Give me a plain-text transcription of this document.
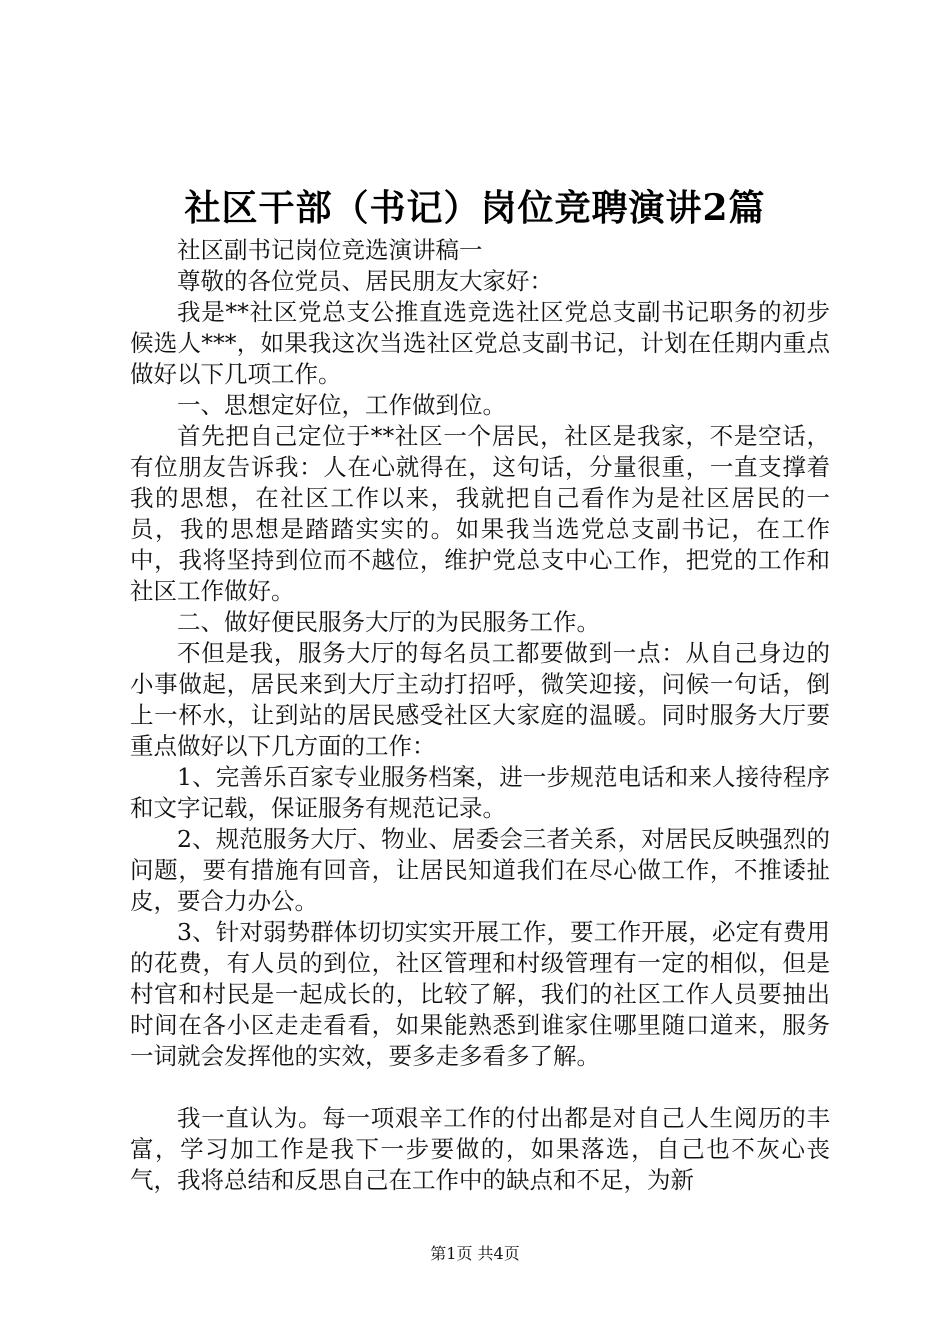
社区干部（书记）岗位竞聘演讲2篇

社区副书记岗位竞选演讲稿一

尊敬的各位党员、居民朋友大家好：

我是**社区党总支公推直选竞选社区党总支副书记职务的初步候选人***，如果我这次当选社区党总支副书记，计划在任期内重点做好以下几项工作。

一、思想定好位，工作做到位。

首先把自己定位于**社区一个居民，社区是我家，不是空话，有位朋友告诉我：人在心就得在，这句话，分量很重，一直支撑着我的思想，在社区工作以来，我就把自己看作为是社区居民的一员，我的思想是踏踏实实的。如果我当选党总支副书记，在工作中，我将坚持到位而不越位，维护党总支中心工作，把党的工作和社区工作做好。

二、做好便民服务大厅的为民服务工作。

不但是我，服务大厅的每名员工都要做到一点：从自己身边的小事做起，居民来到大厅主动打招呼，微笑迎接，问候一句话，倒上一杯水，让到站的居民感受社区大家庭的温暖。同时服务大厅要重点做好以下几方面的工作：

1、完善乐百家专业服务档案，进一步规范电话和来人接待程序和文字记载，保证服务有规范记录。

2、规范服务大厅、物业、居委会三者关系，对居民反映强烈的问题，要有措施有回音，让居民知道我们在尽心做工作，不推诿扯皮，要合力办公。

3、针对弱势群体切切实实开展工作，要工作开展，必定有费用的花费，有人员的到位，社区管理和村级管理有一定的相似，但是村官和村民是一起成长的，比较了解，我们的社区工作人员要抽出时间在各小区走走看看，如果能熟悉到谁家住哪里随口道来，服务一词就会发挥他的实效，要多走多看多了解。

我一直认为。每一项艰辛工作的付出都是对自己人生阅历的丰富，学习加工作是我下一步要做的，如果落选，自己也不灰心丧气，我将总结和反思自己在工作中的缺点和不足，为新

第1页 共4页
